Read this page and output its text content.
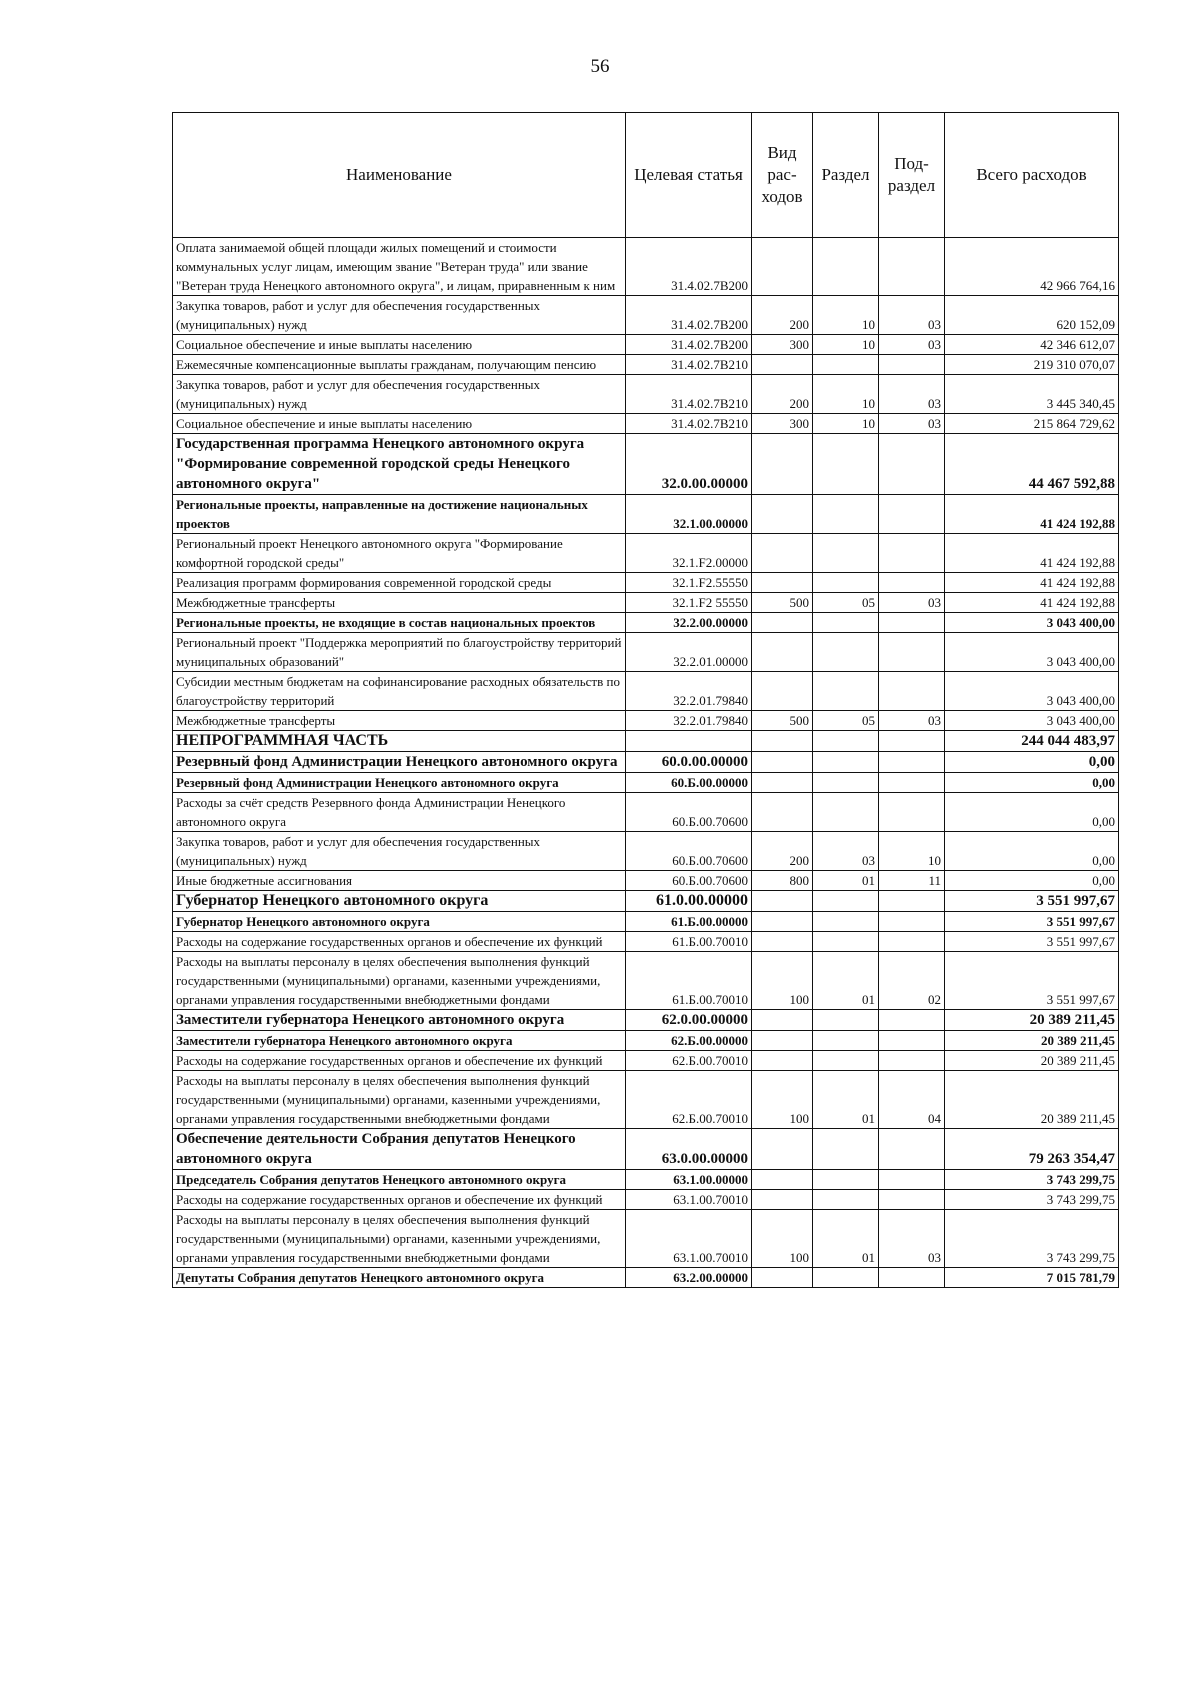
56
Наименование	Целевая статья	Вид рас-ходов	Раздел	Под-раздел	Всего расходов
Оплата занимаемой общей площади жилых помещений и стоимости коммунальных услуг лицам, имеющим звание "Ветеран труда" или звание "Ветеран труда Ненецкого автономного округа", и лицам, приравненным к ним	31.4.02.7В200				42 966 764,16
Закупка товаров, работ и услуг для обеспечения государственных (муниципальных) нужд	31.4.02.7В200	200	10	03	620 152,09
Социальное обеспечение и иные выплаты населению	31.4.02.7В200	300	10	03	42 346 612,07
Ежемесячные компенсационные выплаты гражданам, получающим пенсию	31.4.02.7В210				219 310 070,07
Закупка товаров, работ и услуг для обеспечения государственных (муниципальных) нужд	31.4.02.7В210	200	10	03	3 445 340,45
Социальное обеспечение и иные выплаты населению	31.4.02.7В210	300	10	03	215 864 729,62
Государственная программа Ненецкого автономного округа "Формирование современной городской среды Ненецкого автономного округа"	32.0.00.00000				44 467 592,88
Региональные проекты, направленные на достижение национальных проектов	32.1.00.00000				41 424 192,88
Региональный проект Ненецкого автономного округа "Формирование комфортной городской среды"	32.1.F2.00000				41 424 192,88
Реализация программ формирования современной городской среды	32.1.F2.55550				41 424 192,88
Межбюджетные трансферты	32.1.F2 55550	500	05	03	41 424 192,88
Региональные проекты, не входящие в состав национальных проектов	32.2.00.00000				3 043 400,00
Региональный проект "Поддержка мероприятий по благоустройству территорий муниципальных образований"	32.2.01.00000				3 043 400,00
Субсидии местным бюджетам на софинансирование расходных обязательств по благоустройству территорий	32.2.01.79840				3 043 400,00
Межбюджетные трансферты	32.2.01.79840	500	05	03	3 043 400,00
НЕПРОГРАММНАЯ ЧАСТЬ					244 044 483,97
Резервный фонд Администрации Ненецкого автономного округа	60.0.00.00000				0,00
Резервный фонд Администрации Ненецкого автономного округа	60.Б.00.00000				0,00
Расходы за счёт средств Резервного фонда Администрации Ненецкого автономного округа	60.Б.00.70600				0,00
Закупка товаров, работ и услуг для обеспечения государственных (муниципальных) нужд	60.Б.00.70600	200	03	10	0,00
Иные бюджетные ассигнования	60.Б.00.70600	800	01	11	0,00
Губернатор Ненецкого автономного округа	61.0.00.00000				3 551 997,67
Губернатор Ненецкого автономного округа	61.Б.00.00000				3 551 997,67
Расходы на содержание государственных органов и обеспечение их функций	61.Б.00.70010				3 551 997,67
Расходы на выплаты персоналу в целях обеспечения выполнения функций государственными (муниципальными) органами, казенными учреждениями, органами управления государственными внебюджетными фондами	61.Б.00.70010	100	01	02	3 551 997,67
Заместители губернатора Ненецкого автономного округа	62.0.00.00000				20 389 211,45
Заместители губернатора Ненецкого автономного округа	62.Б.00.00000				20 389 211,45
Расходы на содержание государственных органов и обеспечение их функций	62.Б.00.70010				20 389 211,45
Расходы на выплаты персоналу в целях обеспечения выполнения функций государственными (муниципальными) органами, казенными учреждениями, органами управления государственными внебюджетными фондами	62.Б.00.70010	100	01	04	20 389 211,45
Обеспечение деятельности Собрания депутатов Ненецкого автономного округа	63.0.00.00000				79 263 354,47
Председатель Собрания депутатов Ненецкого автономного округа	63.1.00.00000				3 743 299,75
Расходы на содержание государственных органов и обеспечение их функций	63.1.00.70010				3 743 299,75
Расходы на выплаты персоналу в целях обеспечения выполнения функций государственными (муниципальными) органами, казенными учреждениями, органами управления государственными внебюджетными фондами	63.1.00.70010	100	01	03	3 743 299,75
Депутаты Собрания депутатов Ненецкого автономного округа	63.2.00.00000				7 015 781,79
